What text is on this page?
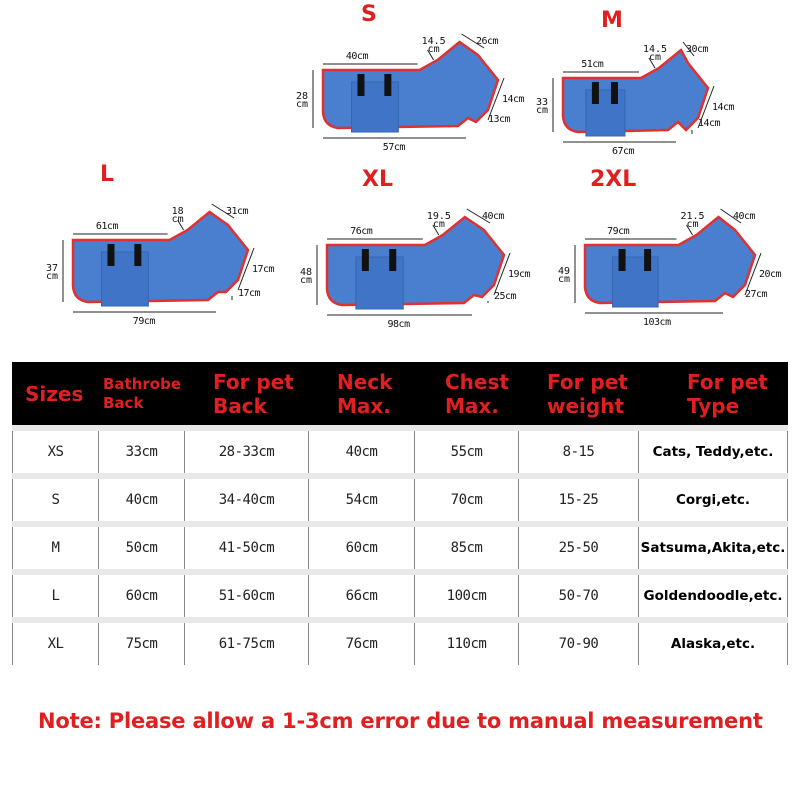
S
40cm
14.5
cm
26cm
14cm
13cm
57cm
28
cm
M
51cm
14.5
cm
30cm
14cm
14cm
67cm
33
cm
L
61cm
18
cm
31cm
17cm
17cm
79cm
37
cm
XL
76cm
19.5
cm
40cm
19cm
25cm
98cm
48
cm
2XL
79cm
21.5
cm
40cm
20cm
27cm
103cm
49
cm
Sizes	Bathrobe Back	For pet Back	Neck Max.	Chest Max.	For pet weight	For pet Type
XS	33cm	28-33cm	40cm	55cm	8-15	Cats, Teddy,etc.
S	40cm	34-40cm	54cm	70cm	15-25	Corgi,etc.
M	50cm	41-50cm	60cm	85cm	25-50	Satsuma,Akita,etc.
L	60cm	51-60cm	66cm	100cm	50-70	Goldendoodle,etc.
XL	75cm	61-75cm	76cm	110cm	70-90	Alaska,etc.
Note: Please allow a 1-3cm error due to manual measurement
